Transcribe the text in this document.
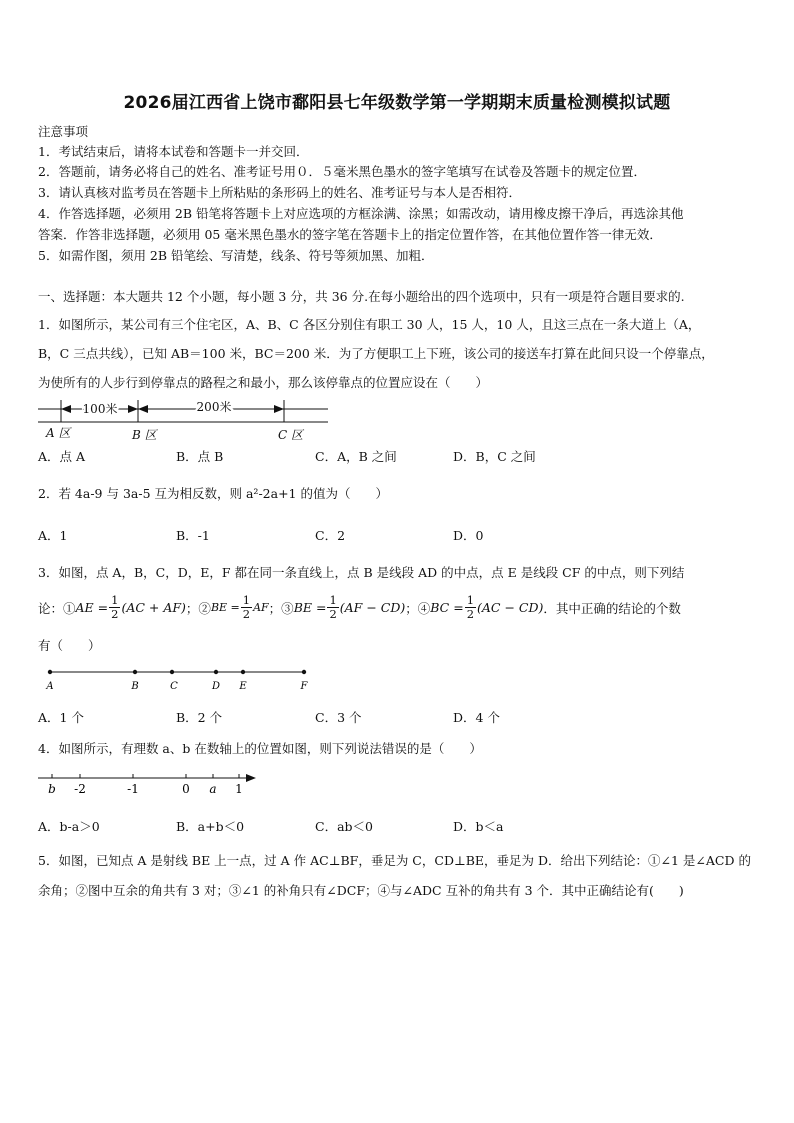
2026届江西省上饶市鄱阳县七年级数学第一学期期末质量检测模拟试题
注意事项
1．考试结束后，请将本试卷和答题卡一并交回．
2．答题前，请务必将自己的姓名、准考证号用０．５毫米黑色墨水的签字笔填写在试卷及答题卡的规定位置．
3．请认真核对监考员在答题卡上所粘贴的条形码上的姓名、准考证号与本人是否相符．
4．作答选择题，必须用 2B 铅笔将答题卡上对应选项的方框涂满、涂黑；如需改动，请用橡皮擦干净后，再选涂其他
答案．作答非选择题，必须用 05 毫米黑色墨水的签字笔在答题卡上的指定位置作答，在其他位置作答一律无效．
5．如需作图，须用 2B 铅笔绘、写清楚，线条、符号等须加黑、加粗．
一、选择题：本大题共 12 个小题，每小题 3 分，共 36 分.在每小题给出的四个选项中，只有一项是符合题目要求的.
1．如图所示，某公司有三个住宅区，A、B、C 各区分别住有职工 30 人，15 人，10 人，且这三点在一条大道上（A，
B，C 三点共线），已知 AB＝100 米，BC＝200 米．为了方便职工上下班，该公司的接送车打算在此间只设一个停靠点，
为使所有的人步行到停靠点的路程之和最小，那么该停靠点的位置应设在（　　）
100米	200米
A 区	B 区	C 区
A．点 A	B．点 B	C．A，B 之间	D．B，C 之间
2．若 4a-9 与 3a-5 互为相反数，则 a²-2a+1 的值为（　　）
A．1	B．-1	C．2	D．0
3．如图，点 A，B，C，D，E，F 都在同一条直线上，点 B 是线段 AD 的中点，点 E 是线段 CF 的中点，则下列结
论：① AE = $\frac{1}{2} (AC + AF)$ ；② BE = $\frac{1}{2}$ AF ；③ BE = $\frac{1}{2} (AF - CD)$ ；④ BC = $\frac{1}{2} (AC - CD)$ ．其中正确的结论的个数
有（　　）
A	B	C	D E	F
A．1 个	B．2 个	C．3 个	D．4 个
4．如图所示，有理数 a、b 在数轴上的位置如图，则下列说法错误的是（　　）
b -2	-1	0 a 1
A．b-a＞0	B．a+b＜0	C．ab＜0	D．b＜a
5．如图，已知点 A 是射线 BE 上一点，过 A 作 AC⊥BF，垂足为 C，CD⊥BE，垂足为 D．给出下列结论：①∠1 是∠ACD 的余角；②图中互余的角共有 3 对；③∠1 的补角只有∠DCF；④与∠ADC 互补的角共有 3 个．其中正确结论有(　　)
